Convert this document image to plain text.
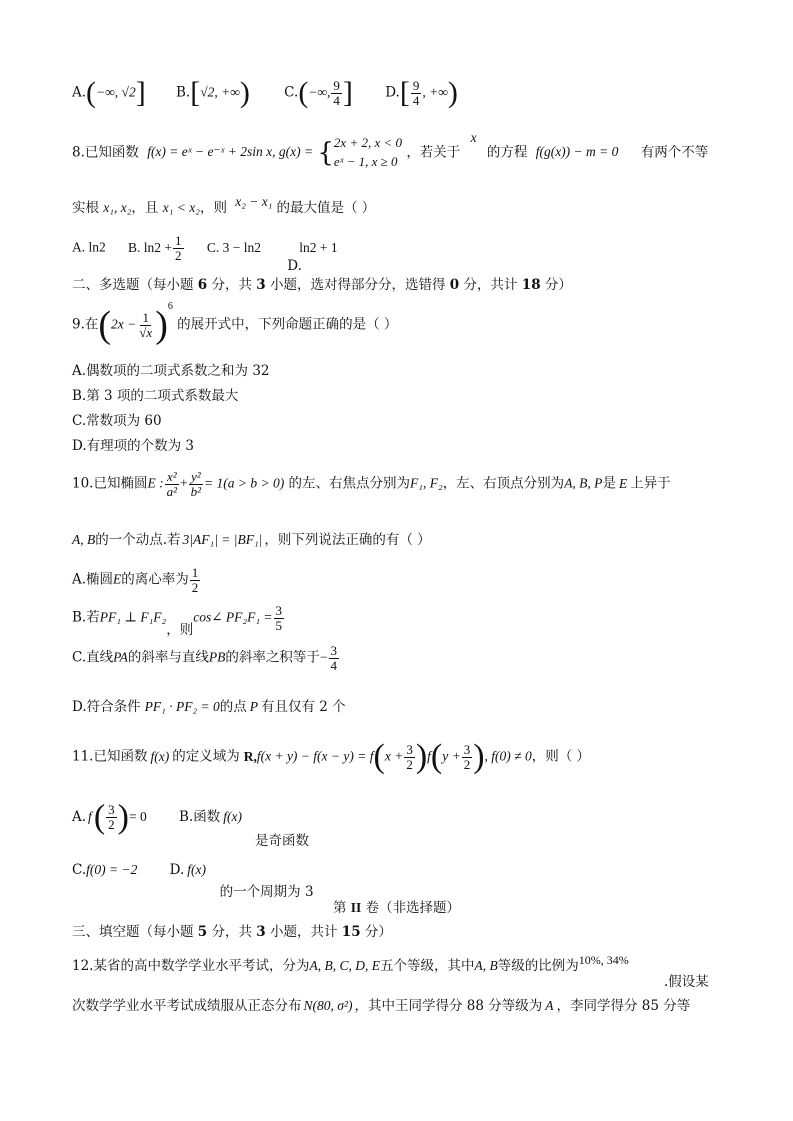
A.(−∞, √2] B.[√2, +∞)	C.(−∞, $\frac{9}{4}$ ] $D.[ \frac{9}{4}$ , +∞)
8.已知函数 f(x) = eˣ − e⁻ˣ + 2sin x, g(x) = { 2x + 2, x < 0
eˣ − 1, x ≥ 0
，若关于 x 的方程 f(g(x)) − m = 0 有两个不等
实根 x₁, x₂，且 x₁ < x₂，则 x₂ − x₁ 的最大值是（ ）
A. ln2 B. $\ln 2 + \frac{1}{2} C$. 3 − ln2
D.
ln2 + 1
二、多选题（每小题 6 分，共 3 小题，选对得部分分，选错得 0 分，共计 18 分）
9.在$(2x - \frac{1}{√x} )^6$ 的展开式中，下列命题正确的是（ ）
A.偶数项的二项式系数之和为 32
B.第 3 项的二项式系数最大
C.常数项为 60
D.有理项的个数为 3
10.已知椭圆E : $\frac{\text{x²}}{\text{a²}} + \frac{\text{y²}}{\text{b²}} = 1(a > b > 0)$ 的左、右焦点分别为F₁, F₂，左、右顶点分别为A, B, P是 E 上异于
A, B的一个动点.若 3|AF₁| = |BF₁| ，则下列说法正确的有（ ）
A.椭圆E的离心率为 $\frac{1}{2}$
B.若PF₁ ⊥ F₁F₂，则cos∠ $PF_2F_1 = \frac{3}{5}$
C.直线PA的斜率与直线PB的斜率之积等于− $\frac{3}{4}$
D.符合条件 PF₁ · PF₂ = 0的点 P 有且仅有 2 个
11.已知函数 f(x) 的定义域为 $R,f(x + y) - f(x - y) = f(x + \frac{3}{2} )f(y + \frac{3}{2}$ ), f(0) ≠ 0，则（ ）
A. $f( \frac{3}{2}$ )= 0 B.函数 f(x)
是奇函数
C.f(0) = −2 D. f(x)
的一个周期为 3
第 II 卷（非选择题）
三、填空题（每小题 5 分，共 3 小题，共计 15 分）
12.某省的高中数学学业水平考试，分为A, B, C, D, E五个等级，其中A, B等级的比例为10%, 34%
.假设某
次数学学业水平考试成绩服从正态分布 N(80, σ²) ，其中王同学得分 88 分等级为 A ，李同学得分 85 分等
